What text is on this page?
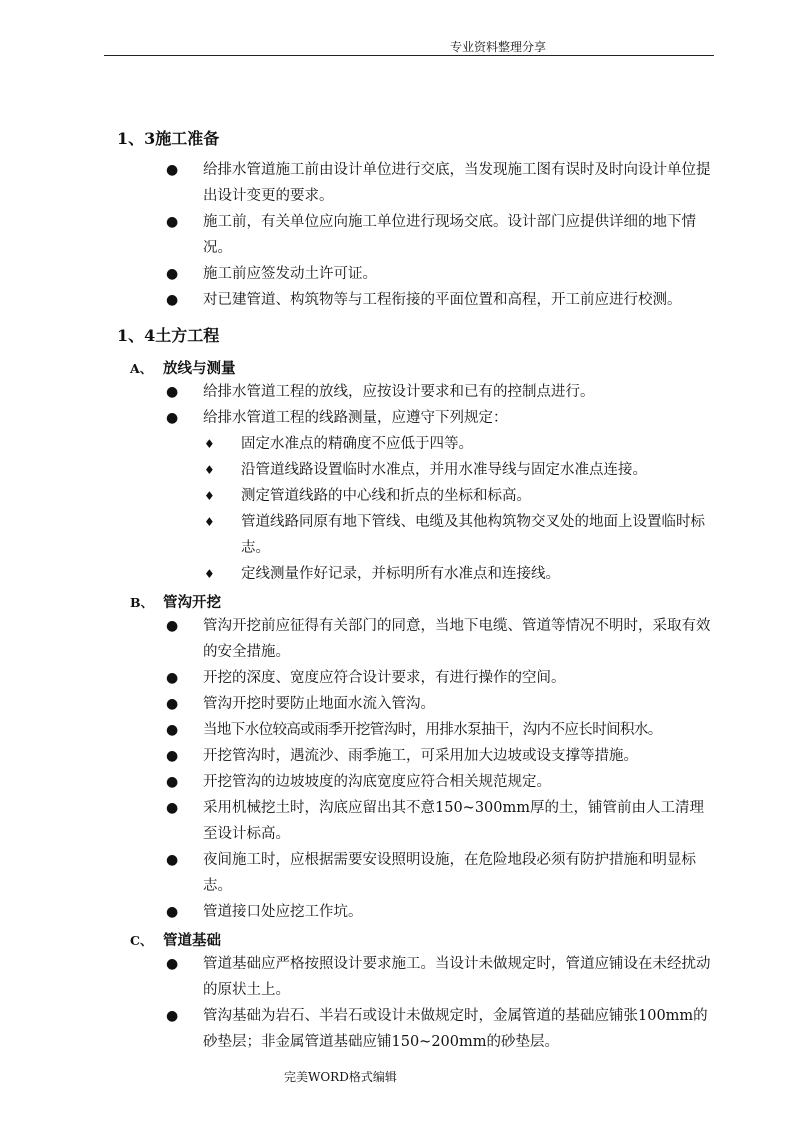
专业资料整理分享
1、3施工准备
● 给排水管道施工前由设计单位进行交底，当发现施工图有误时及时向设计单位提出设计变更的要求。
● 施工前，有关单位应向施工单位进行现场交底。设计部门应提供详细的地下情况。
● 施工前应签发动土许可证。
● 对已建管道、构筑物等与工程衔接的平面位置和高程，开工前应进行校测。
1、4土方工程
A、 放线与测量
● 给排水管道工程的放线，应按设计要求和已有的控制点进行。
● 给排水管道工程的线路测量，应遵守下列规定：
♦ 固定水准点的精确度不应低于四等。
♦ 沿管道线路设置临时水准点，并用水准导线与固定水准点连接。
♦ 测定管道线路的中心线和折点的坐标和标高。
♦ 管道线路同原有地下管线、电缆及其他构筑物交叉处的地面上设置临时标志。
♦ 定线测量作好记录，并标明所有水准点和连接线。
B、 管沟开挖
● 管沟开挖前应征得有关部门的同意，当地下电缆、管道等情况不明时，采取有效的安全措施。
● 开挖的深度、宽度应符合设计要求，有进行操作的空间。
● 管沟开挖时要防止地面水流入管沟。
● 当地下水位较高或雨季开挖管沟时，用排水泵抽干，沟内不应长时间积水。
● 开挖管沟时，遇流沙、雨季施工，可采用加大边坡或设支撑等措施。
● 开挖管沟的边坡坡度的沟底宽度应符合相关规范规定。
● 采用机械挖土时，沟底应留出其不意150~300mm厚的土，铺管前由人工清理至设计标高。
● 夜间施工时，应根据需要安设照明设施，在危险地段必须有防护措施和明显标志。
● 管道接口处应挖工作坑。
C、 管道基础
● 管道基础应严格按照设计要求施工。当设计未做规定时，管道应铺设在未经扰动的原状土上。
● 管沟基础为岩石、半岩石或设计未做规定时，金属管道的基础应铺张100mm的砂垫层；非金属管道基础应铺150~200mm的砂垫层。
完美WORD格式编辑
